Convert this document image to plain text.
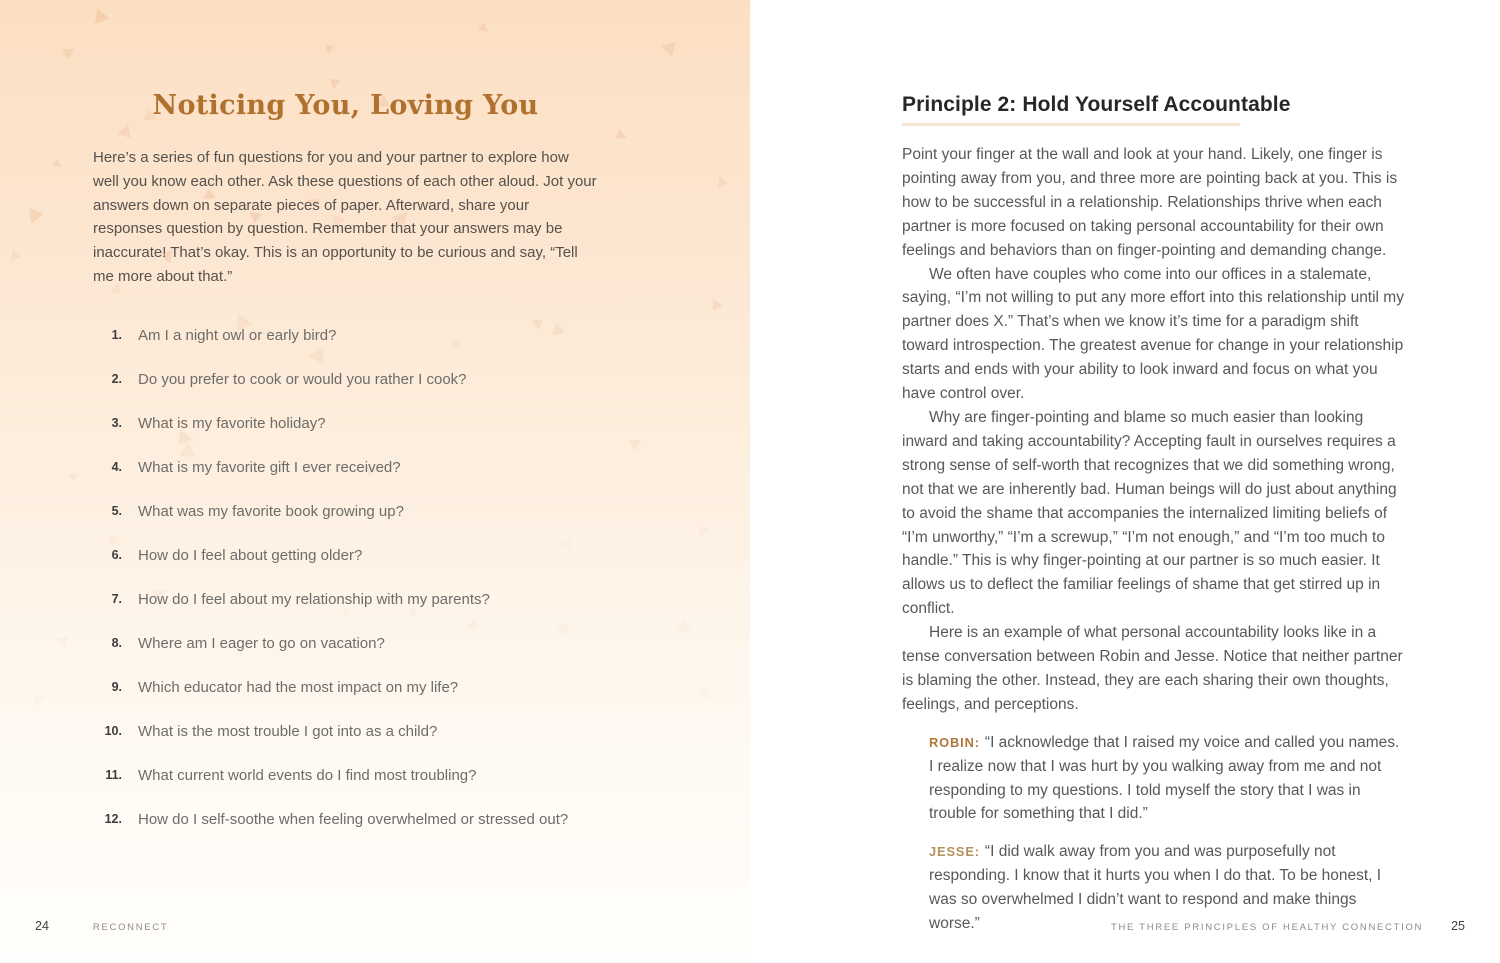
Noticing You, Loving You

Here’s a series of fun questions for you and your partner to explore how well you know each other. Ask these questions of each other aloud. Jot your answers down on separate pieces of paper. Afterward, share your responses question by question. Remember that your answers may be inaccurate! That’s okay. This is an opportunity to be curious and say, “Tell me more about that.”

1. Am I a night owl or early bird?
2. Do you prefer to cook or would you rather I cook?
3. What is my favorite holiday?
4. What is my favorite gift I ever received?
5. What was my favorite book growing up?
6. How do I feel about getting older?
7. How do I feel about my relationship with my parents?
8. Where am I eager to go on vacation?
9. Which educator had the most impact on my life?
10. What is the most trouble I got into as a child?
11. What current world events do I find most troubling?
12. How do I self-soothe when feeling overwhelmed or stressed out?
24	RECONNECT
Principle 2: Hold Yourself Accountable

Point your finger at the wall and look at your hand. Likely, one finger is pointing away from you, and three more are pointing back at you. This is how to be successful in a relationship. Relationships thrive when each partner is more focused on taking personal accountability for their own feelings and behaviors than on finger-pointing and demanding change.

We often have couples who come into our offices in a stalemate, saying, “I’m not willing to put any more effort into this relationship until my partner does X.” That’s when we know it’s time for a paradigm shift toward introspection. The greatest avenue for change in your relationship starts and ends with your ability to look inward and focus on what you have control over.

Why are finger-pointing and blame so much easier than looking inward and taking accountability? Accepting fault in ourselves requires a strong sense of self-worth that recognizes that we did something wrong, not that we are inherently bad. Human beings will do just about anything to avoid the shame that accompanies the internalized limiting beliefs of “I’m unworthy,” “I’m a screwup,” “I’m not enough,” and “I’m too much to handle.” This is why finger-pointing at our partner is so much easier. It allows us to deflect the familiar feelings of shame that get stirred up in conflict.

Here is an example of what personal accountability looks like in a tense conversation between Robin and Jesse. Notice that neither partner is blaming the other. Instead, they are each sharing their own thoughts, feelings, and perceptions.

ROBIN: “I acknowledge that I raised my voice and called you names. I realize now that I was hurt by you walking away from me and not responding to my questions. I told myself the story that I was in trouble for something that I did.”
JESSE: “I did walk away from you and was purposefully not responding. I know that it hurts you when I do that. To be honest, I was so overwhelmed I didn’t want to respond and make things worse.”	THE THREE PRINCIPLES OF HEALTHY CONNECTION 25
